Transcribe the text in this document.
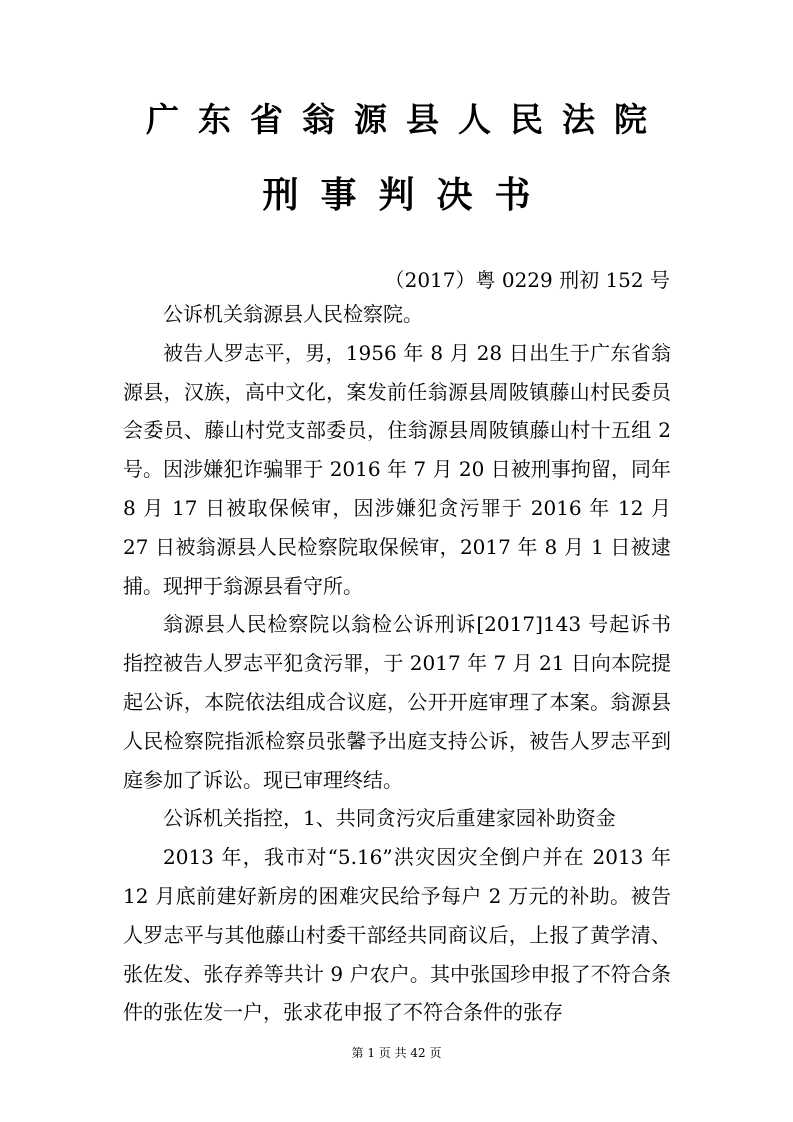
广东省翁源县人民法院
刑事判决书
（2017）粤 0229 刑初 152 号

公诉机关翁源县人民检察院。

被告人罗志平，男，1956 年 8 月 28 日出生于广东省翁源县，汉族，高中文化，案发前任翁源县周陂镇藤山村民委员会委员、藤山村党支部委员，住翁源县周陂镇藤山村十五组 2 号。因涉嫌犯诈骗罪于 2016 年 7 月 20 日被刑事拘留，同年 8 月 17 日被取保候审，因涉嫌犯贪污罪于 2016 年 12 月 27 日被翁源县人民检察院取保候审，2017 年 8 月 1 日被逮捕。现押于翁源县看守所。

翁源县人民检察院以翁检公诉刑诉[2017]143 号起诉书指控被告人罗志平犯贪污罪，于 2017 年 7 月 21 日向本院提起公诉，本院依法组成合议庭，公开开庭审理了本案。翁源县人民检察院指派检察员张馨予出庭支持公诉，被告人罗志平到庭参加了诉讼。现已审理终结。

公诉机关指控，1、共同贪污灾后重建家园补助资金

2013 年，我市对“5.16”洪灾因灾全倒户并在 2013 年 12 月底前建好新房的困难灾民给予每户 2 万元的补助。被告人罗志平与其他藤山村委干部经共同商议后，上报了黄学清、张佐发、张存养等共计 9 户农户。其中张国珍申报了不符合条件的张佐发一户，张求花申报了不符合条件的张存

第 1 页 共 42 页
